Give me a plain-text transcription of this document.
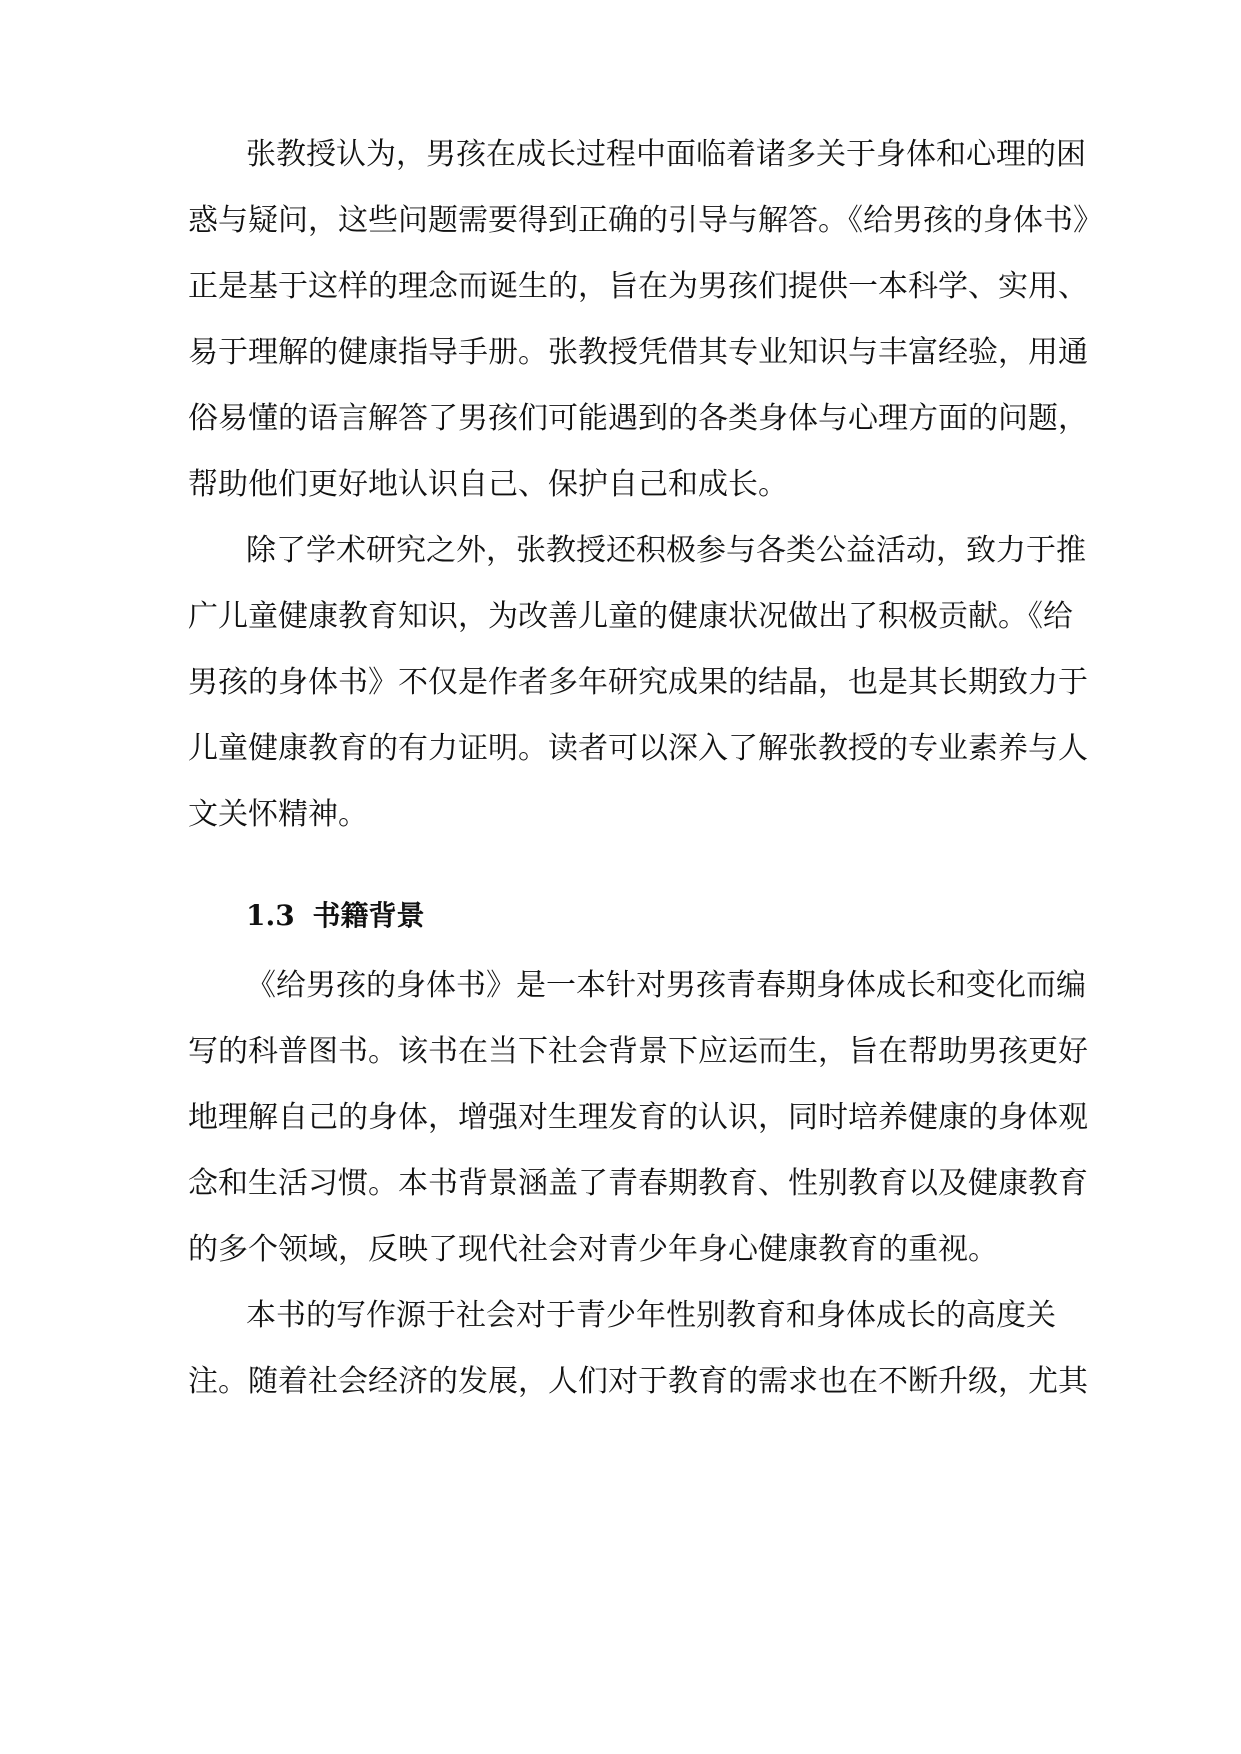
张教授认为，男孩在成长过程中面临着诸多关于身体和心理的困
惑与疑问，这些问题需要得到正确的引导与解答。《给男孩的身体书》
正是基于这样的理念而诞生的，旨在为男孩们提供一本科学、实用、
易于理解的健康指导手册。张教授凭借其专业知识与丰富经验，用通
俗易懂的语言解答了男孩们可能遇到的各类身体与心理方面的问题，
帮助他们更好地认识自己、保护自己和成长。
除了学术研究之外，张教授还积极参与各类公益活动，致力于推
广儿童健康教育知识，为改善儿童的健康状况做出了积极贡献。《给
男孩的身体书》不仅是作者多年研究成果的结晶，也是其长期致力于
儿童健康教育的有力证明。读者可以深入了解张教授的专业素养与人
文关怀精神。
1.3 书籍背景
《给男孩的身体书》是一本针对男孩青春期身体成长和变化而编
写的科普图书。该书在当下社会背景下应运而生，旨在帮助男孩更好
地理解自己的身体，增强对生理发育的认识，同时培养健康的身体观
念和生活习惯。本书背景涵盖了青春期教育、性别教育以及健康教育
的多个领域，反映了现代社会对青少年身心健康教育的重视。
本书的写作源于社会对于青少年性别教育和身体成长的高度关
注。随着社会经济的发展，人们对于教育的需求也在不断升级，尤其
